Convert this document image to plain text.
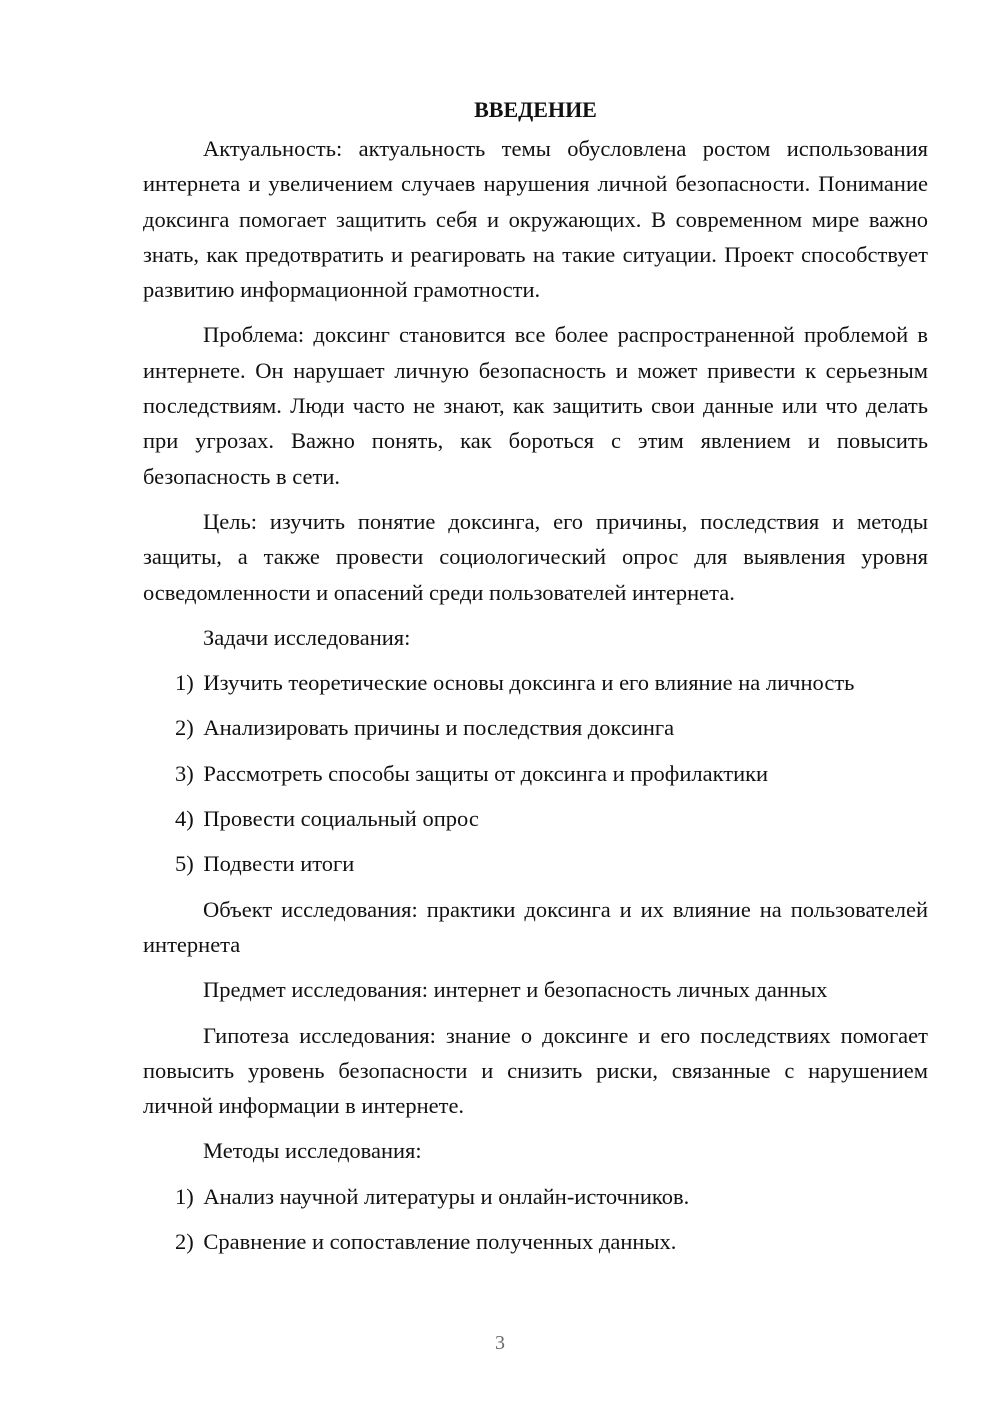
ВВЕДЕНИЕ

Актуальность: актуальность темы обусловлена ростом использования интернета и увеличением случаев нарушения личной безопасности. Понимание доксинга помогает защитить себя и окружающих. В современном мире важно знать, как предотвратить и реагировать на такие ситуации. Проект способствует развитию информационной грамотности.

Проблема: доксинг становится все более распространенной проблемой в интернете. Он нарушает личную безопасность и может привести к серьезным последствиям. Люди часто не знают, как защитить свои данные или что делать при угрозах. Важно понять, как бороться с этим явлением и повысить безопасность в сети.

Цель: изучить понятие доксинга, его причины, последствия и методы защиты, а также провести социологический опрос для выявления уровня осведомленности и опасений среди пользователей интернета.

Задачи исследования:

1) Изучить теоретические основы доксинга и его влияние на личность
2) Анализировать причины и последствия доксинга
3) Рассмотреть способы защиты от доксинга и профилактики
4) Провести социальный опрос
5) Подвести итоги

Объект исследования: практики доксинга и их влияние на пользователей интернета

Предмет исследования: интернет и безопасность личных данных

Гипотеза исследования: знание о доксинге и его последствиях помогает повысить уровень безопасности и снизить риски, связанные с нарушением личной информации в интернете.

Методы исследования:

1) Анализ научной литературы и онлайн-источников.
2) Сравнение и сопоставление полученных данных.
3
